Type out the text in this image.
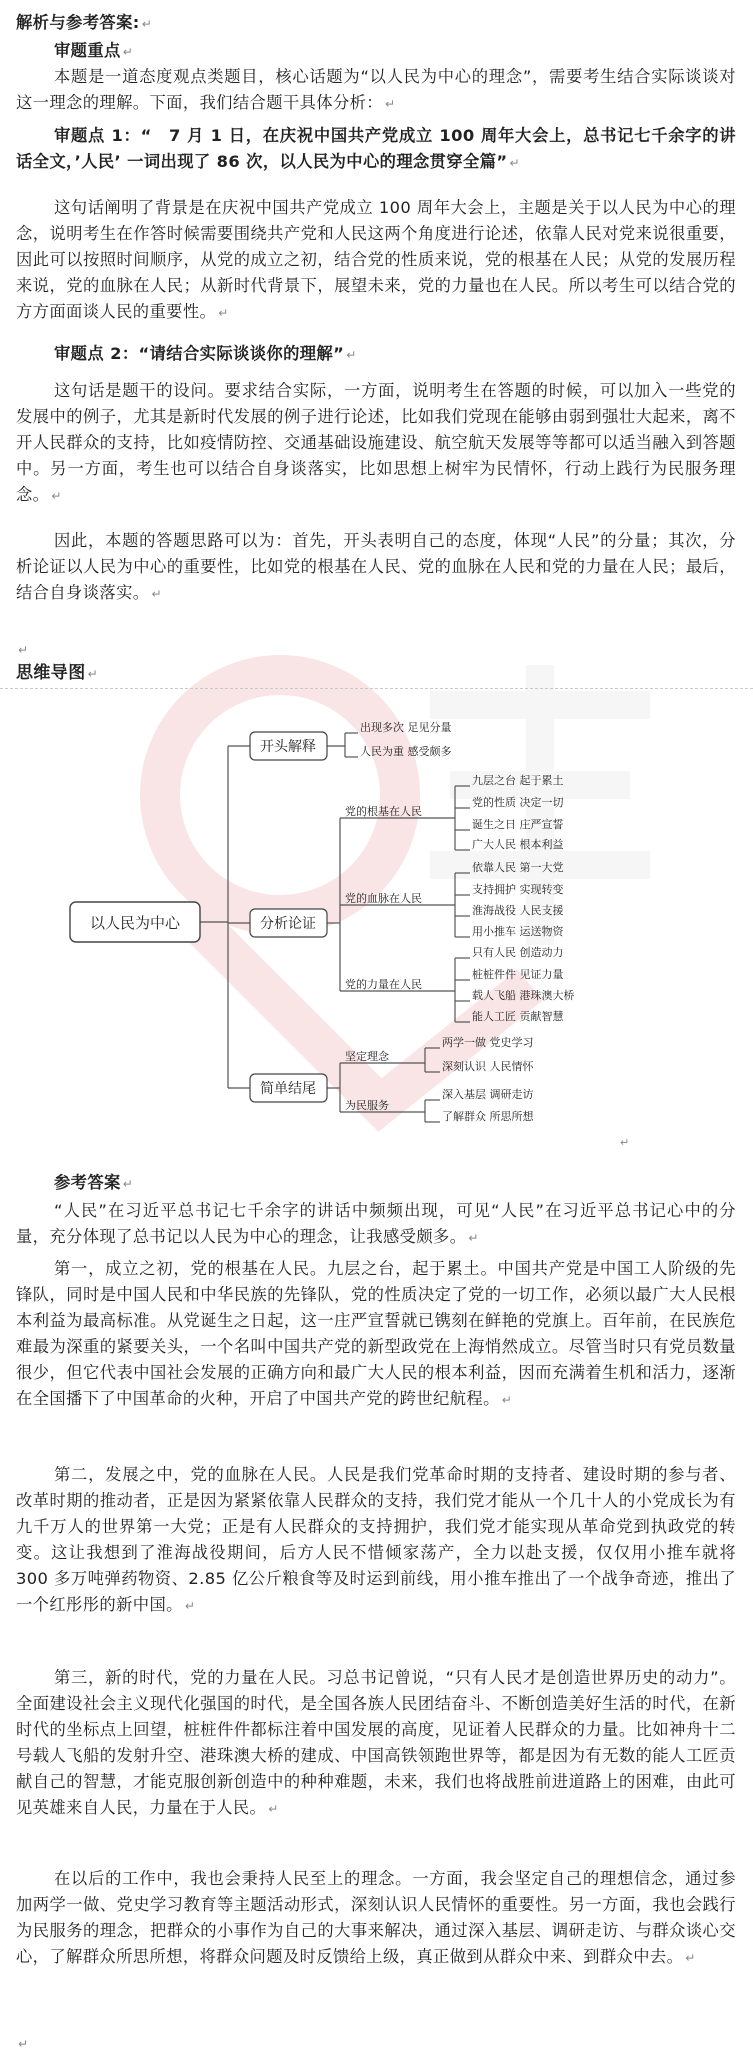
解析与参考答案: ↵
审题重点 ↵
本题是一道态度观点类题目，核心话题为“以人民为中心的理念”，需要考生结合实际谈谈对这一理念的理解。下面，我们结合题干具体分析： ↵
审题点 1：“　7 月 1 日，在庆祝中国共产党成立 100 周年大会上，总书记七千余字的讲话全文，’人民’ 一词出现了 86 次，以人民为中心的理念贯穿全篇” ↵
这句话阐明了背景是在庆祝中国共产党成立 100 周年大会上，主题是关于以人民为中心的理念，说明考生在作答时候需要围绕共产党和人民这两个角度进行论述，依靠人民对党来说很重要，因此可以按照时间顺序，从党的成立之初，结合党的性质来说，党的根基在人民；从党的发展历程来说，党的血脉在人民；从新时代背景下，展望未来，党的力量也在人民。所以考生可以结合党的方方面面谈人民的重要性。 ↵
审题点 2：“请结合实际谈谈你的理解” ↵
这句话是题干的设问。要求结合实际，一方面，说明考生在答题的时候，可以加入一些党的发展中的例子，尤其是新时代发展的例子进行论述，比如我们党现在能够由弱到强壮大起来，离不开人民群众的支持，比如疫情防控、交通基础设施建设、航空航天发展等等都可以适当融入到答题中。另一方面，考生也可以结合自身谈落实，比如思想上树牢为民情怀，行动上践行为民服务理念。 ↵
因此，本题的答题思路可以为：首先，开头表明自己的态度，体现“人民”的分量；其次，分析论证以人民为中心的重要性，比如党的根基在人民、党的血脉在人民和党的力量在人民；最后，结合自身谈落实。 ↵
↵
思维导图 ↵
以人民为中心
开头解释
分析论证
简单结尾
出现多次 足见分量
人民为重 感受颇多
党的根基在人民
党的血脉在人民
党的力量在人民
九层之台 起于累土
党的性质 决定一切
诞生之日 庄严宣誓
广大人民 根本利益
依靠人民 第一大党
支持拥护 实现转变
淮海战役 人民支援
用小推车 运送物资
只有人民 创造动力
桩桩件件 见证力量
载人飞船 港珠澳大桥
能人工匠 贡献智慧
坚定理念
为民服务
两学一做 党史学习
深刻认识 人民情怀
深入基层 调研走访
了解群众 所思所想
↵
参考答案 ↵
“人民”在习近平总书记七千余字的讲话中频频出现，可见“人民”在习近平总书记心中的分量，充分体现了总书记以人民为中心的理念，让我感受颇多。 ↵
第一，成立之初，党的根基在人民。九层之台，起于累土。中国共产党是中国工人阶级的先锋队，同时是中国人民和中华民族的先锋队，党的性质决定了党的一切工作，必须以最广大人民根本利益为最高标准。从党诞生之日起，这一庄严宣誓就已镌刻在鲜艳的党旗上。百年前，在民族危难最为深重的紧要关头，一个名叫中国共产党的新型政党在上海悄然成立。尽管当时只有党员数量很少，但它代表中国社会发展的正确方向和最广大人民的根本利益，因而充满着生机和活力，逐渐在全国播下了中国革命的火种，开启了中国共产党的跨世纪航程。 ↵
第二，发展之中，党的血脉在人民。人民是我们党革命时期的支持者、建设时期的参与者、改革时期的推动者，正是因为紧紧依靠人民群众的支持，我们党才能从一个几十人的小党成长为有九千万人的世界第一大党；正是有人民群众的支持拥护，我们党才能实现从革命党到执政党的转变。这让我想到了淮海战役期间，后方人民不惜倾家荡产，全力以赴支援，仅仅用小推车就将 300 多万吨弹药物资、2.85 亿公斤粮食等及时运到前线，用小推车推出了一个战争奇迹，推出了一个红彤彤的新中国。 ↵
第三，新的时代，党的力量在人民。习总书记曾说，“只有人民才是创造世界历史的动力”。全面建设社会主义现代化强国的时代，是全国各族人民团结奋斗、不断创造美好生活的时代，在新时代的坐标点上回望，桩桩件件都标注着中国发展的高度，见证着人民群众的力量。比如神舟十二号载人飞船的发射升空、港珠澳大桥的建成、中国高铁领跑世界等，都是因为有无数的能人工匠贡献自己的智慧，才能克服创新创造中的种种难题，未来，我们也将战胜前进道路上的困难，由此可见英雄来自人民，力量在于人民。 ↵
在以后的工作中，我也会秉持人民至上的理念。一方面，我会坚定自己的理想信念，通过参加两学一做、党史学习教育等主题活动形式，深刻认识人民情怀的重要性。另一方面，我也会践行为民服务的理念，把群众的小事作为自己的大事来解决，通过深入基层、调研走访、与群众谈心交心，了解群众所思所想，将群众问题及时反馈给上级，真正做到从群众中来、到群众中去。 ↵
↵
